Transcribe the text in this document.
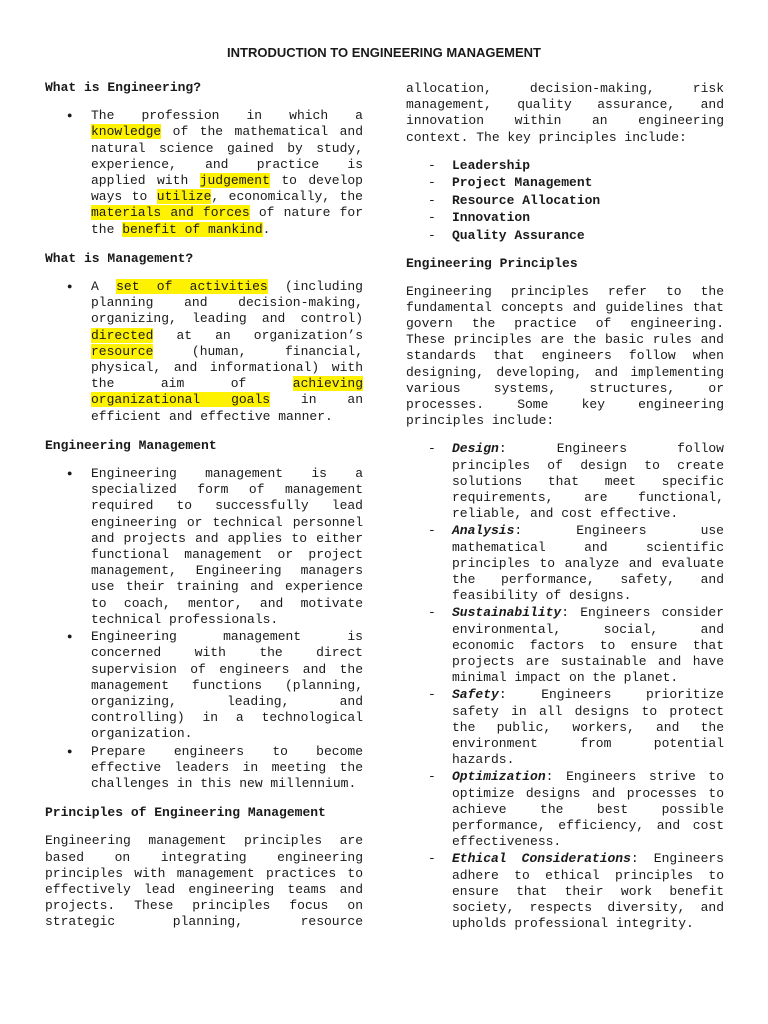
INTRODUCTION TO ENGINEERING MANAGEMENT
What is Engineering?
● The profession in which a knowledge of the mathematical and natural science gained by study, experience, and practice is applied with judgement to develop ways to utilize, economically, the materials and forces of nature for the benefit of mankind.
What is Management?
● A set of activities (including planning and decision-making, organizing, leading and control) directed at an organization’s resource (human, financial, physical, and informational) with the aim of achieving organizational goals in an efficient and effective manner.
Engineering Management
● Engineering management is a specialized form of management required to successfully lead engineering or technical personnel and projects and applies to either functional management or project management, Engineering managers use their training and experience to coach, mentor, and motivate technical professionals.
● Engineering management is concerned with the direct supervision of engineers and the management functions (planning, organizing, leading, and controlling) in a technological organization.
● Prepare engineers to become effective leaders in meeting the challenges in this new millennium.
Principles of Engineering Management

Engineering management principles are based on integrating engineering principles with management practices to effectively lead engineering teams and projects. These principles focus on strategic planning, resource

allocation, decision-making, risk management, quality assurance, and innovation within an engineering context. The key principles include:

- Leadership
- Project Management
- Resource Allocation
- Innovation
- Quality Assurance
Engineering Principles

Engineering principles refer to the fundamental concepts and guidelines that govern the practice of engineering. These principles are the basic rules and standards that engineers follow when designing, developing, and implementing various systems, structures, or processes. Some key engineering principles include:

- Design: Engineers follow principles of design to create solutions that meet specific requirements, are functional, reliable, and cost effective.
- Analysis: Engineers use mathematical and scientific principles to analyze and evaluate the performance, safety, and feasibility of designs.
- Sustainability: Engineers consider environmental, social, and economic factors to ensure that projects are sustainable and have minimal impact on the planet.
- Safety: Engineers prioritize safety in all designs to protect the public, workers, and the environment from potential hazards.
- Optimization: Engineers strive to optimize designs and processes to achieve the best possible performance, efficiency, and cost effectiveness.
- Ethical Considerations: Engineers adhere to ethical principles to ensure that their work benefit society, respects diversity, and upholds professional integrity.
